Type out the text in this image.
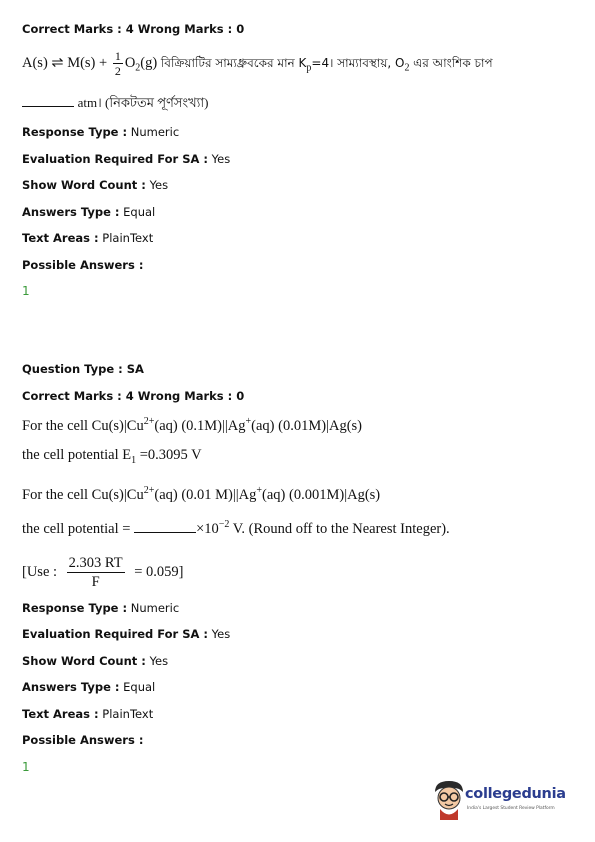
Correct Marks : 4 Wrong Marks : 0
A(s) ⇌ $M(s) + \frac{1}{2} O_2(g)$ বিক্রিয়াটির সাম্যধ্রুবকের মান $K_p=4।$ সাম্যাবস্থায়, $O_2$ এর আংশিক চাপ
atm। (নিকটতম পূর্ণসংখ্যা)
Response Type : Numeric
Evaluation Required For SA : Yes
Show Word Count : Yes
Answers Type : Equal
Text Areas : PlainText
Possible Answers :
1
Question Type : SA
Correct Marks : 4 Wrong Marks : 0
For the cell $Cu(s)|Cu^{2+}(aq)$ (0.1M)||Ag+(aq) (0.01M)|Ag(s)
the cell potential $E_1 =0.3095$ V
For the cell $Cu(s)|Cu^{2+}(aq)$ (0.01 M)||Ag+(aq) (0.001M)|Ag(s)
the cell potential =	$\times 10^{-2}$ V. (Round off to the Nearest Integer).
[Use : $\frac{2.303 RT}{F} = 0.059$]
Response Type : Numeric
Evaluation Required For SA : Yes
Show Word Count : Yes
Answers Type : Equal
Text Areas : PlainText
Possible Answers :
1
collegedunia
India's Largest Student Review Platform
